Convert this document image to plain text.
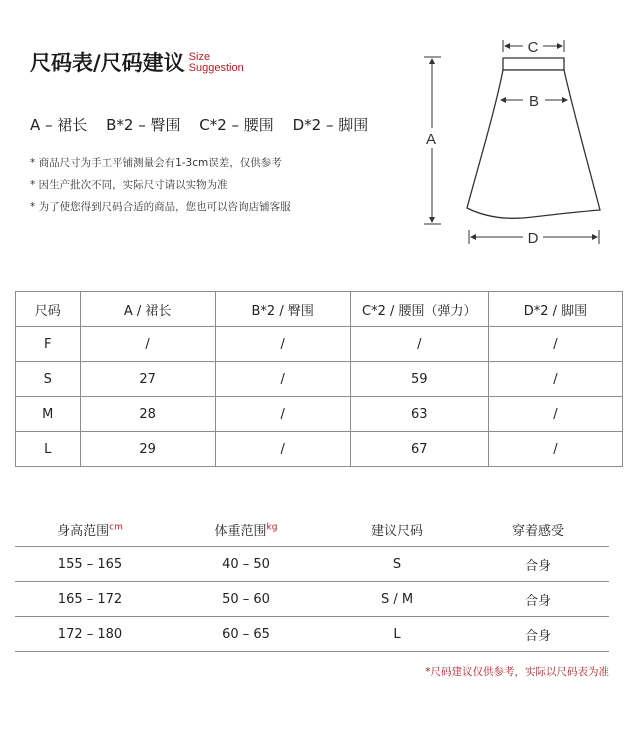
尺码表/尺码建议 Size
Suggestion
A – 裙长 B*2 – 臀围 C*2 – 腰围 D*2 – 脚围
* 商品尺寸为手工平铺测量会有1-3cm误差，仅供参考
* 因生产批次不同，实际尺寸请以实物为准
* 为了使您得到尺码合适的商品，您也可以咨询店铺客服
C
B
A
D
尺码	A / 裙长	B*2 / 臀围	C*2 / 腰围（弹力）	D*2 / 脚围
F	/	/	/	/
S	27	/	59	/
M	28	/	63	/
L	29	/	67	/
身高范围$^{cm}$	体重范围$^{kg}$	建议尺码	穿着感受
155 – 165	40 – 50	S	合身
165 – 172	50 – 60	S / M	合身
172 – 180	60 – 65	L	合身
*尺码建议仅供参考，实际以尺码表为准
